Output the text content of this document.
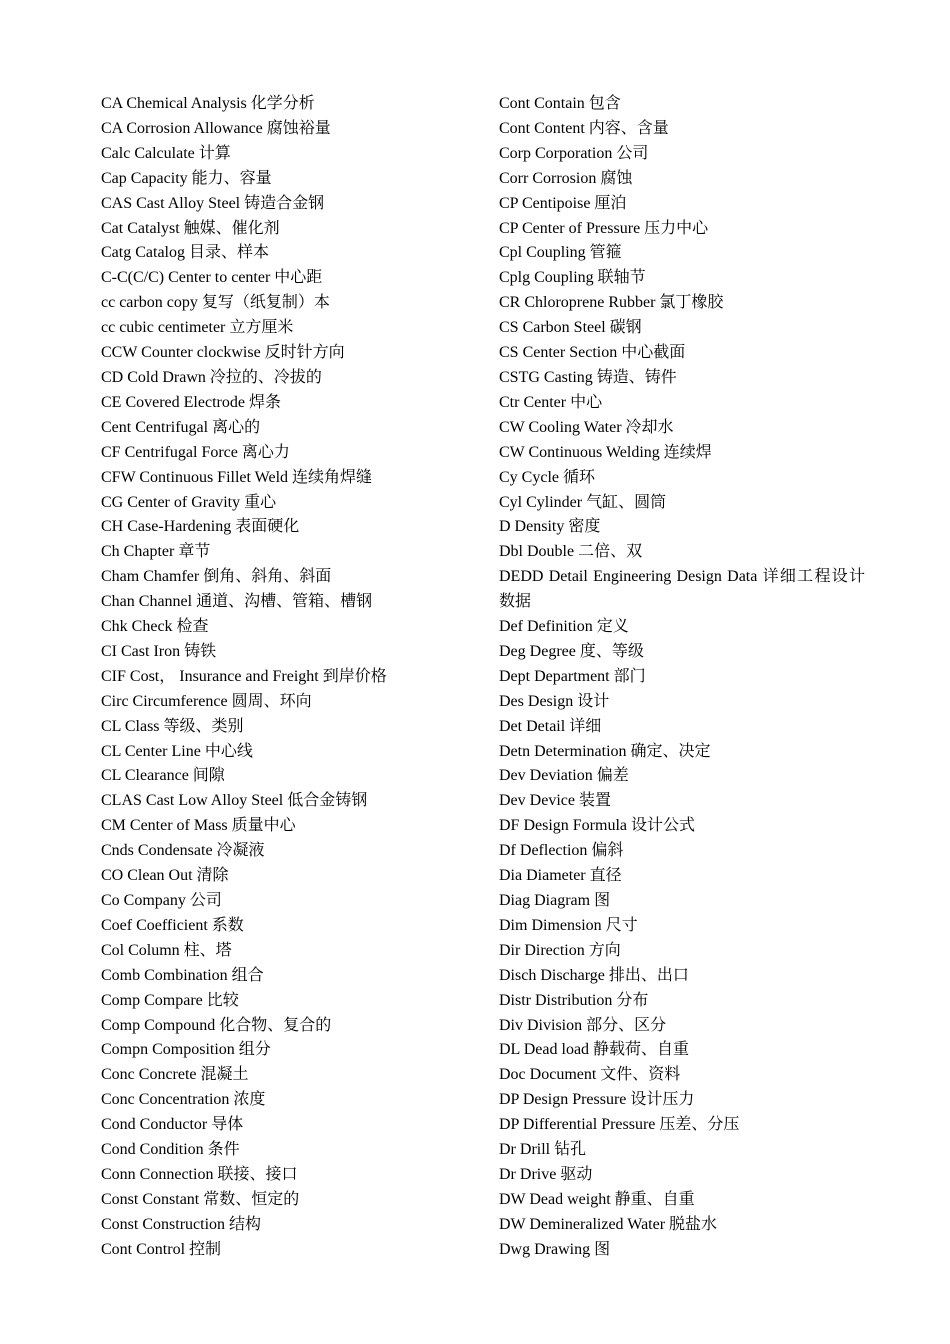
CA Chemical Analysis 化学分析

CA Corrosion Allowance 腐蚀裕量

Calc Calculate 计算

Cap Capacity 能力、容量

CAS Cast Alloy Steel 铸造合金钢

Cat Catalyst 触媒、催化剂

Catg Catalog 目录、样本

C-C(C/C) Center to center 中心距

cc carbon copy 复写（纸复制）本

cc cubic centimeter 立方厘米

CCW Counter clockwise 反时针方向

CD Cold Drawn 冷拉的、冷拔的

CE Covered Electrode 焊条

Cent Centrifugal 离心的

CF Centrifugal Force 离心力

CFW Continuous Fillet Weld 连续角焊缝

CG Center of Gravity 重心

CH Case-Hardening 表面硬化

Ch Chapter 章节

Cham Chamfer 倒角、斜角、斜面

Chan Channel 通道、沟槽、管箱、槽钢

Chk Check 检查

CI Cast Iron 铸铁

CIF Cost， Insurance and Freight 到岸价格

Circ Circumference 圆周、环向

CL Class 等级、类别

CL Center Line 中心线

CL Clearance 间隙

CLAS Cast Low Alloy Steel 低合金铸钢

CM Center of Mass 质量中心

Cnds Condensate 冷凝液

CO Clean Out 清除

Co Company 公司

Coef Coefficient 系数

Col Column 柱、塔

Comb Combination 组合

Comp Compare 比较

Comp Compound 化合物、复合的

Compn Composition 组分

Conc Concrete 混凝土

Conc Concentration 浓度

Cond Conductor 导体

Cond Condition 条件

Conn Connection 联接、接口

Const Constant 常数、恒定的

Const Construction 结构

Cont Control 控制

Cont Contain 包含

Cont Content 内容、含量

Corp Corporation 公司

Corr Corrosion 腐蚀

CP Centipoise 厘泊

CP Center of Pressure 压力中心

Cpl Coupling 管箍

Cplg Coupling 联轴节

CR Chloroprene Rubber 氯丁橡胶

CS Carbon Steel 碳钢

CS Center Section 中心截面

CSTG Casting 铸造、铸件

Ctr Center 中心

CW Cooling Water 冷却水

CW Continuous Welding 连续焊

Cy Cycle 循环

Cyl Cylinder 气缸、圆筒

D Density 密度

Dbl Double 二倍、双

DEDD Detail Engineering Design Data 详细工程设计数据

Def Definition 定义

Deg Degree 度、等级

Dept Department 部门

Des Design 设计

Det Detail 详细

Detn Determination 确定、决定

Dev Deviation 偏差

Dev Device 装置

DF Design Formula 设计公式

Df Deflection 偏斜

Dia Diameter 直径

Diag Diagram 图

Dim Dimension 尺寸

Dir Direction 方向

Disch Discharge 排出、出口

Distr Distribution 分布

Div Division 部分、区分

DL Dead load 静载荷、自重

Doc Document 文件、资料

DP Design Pressure 设计压力

DP Differential Pressure 压差、分压

Dr Drill 钻孔

Dr Drive 驱动

DW Dead weight 静重、自重

DW Demineralized Water 脱盐水

Dwg Drawing 图
